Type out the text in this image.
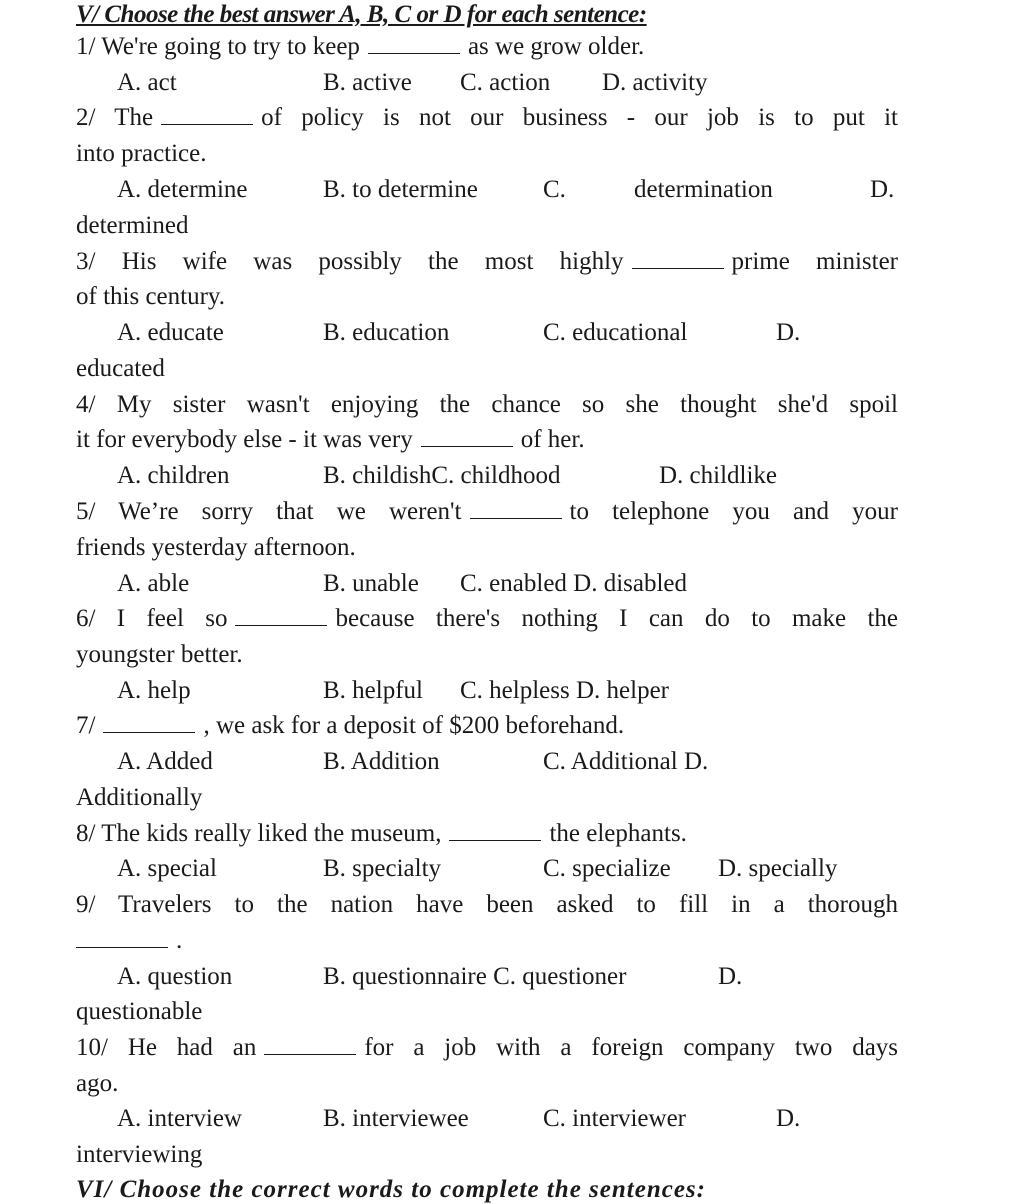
V/ Choose the best answer A, B, C or D for each sentence:
1/ We're going to try to keep	as we grow older.
A. act	B. active C. action D. activity
2/ The	of policy is not our business - our job is to put it
into practice.
A. determine	B. to determine	C.	determination	D.
determined
3/ His wife was possibly the most highly	prime minister
of this century.
A. educate	B. education	C. educational	D.
educated
4/ My sister wasn't enjoying the chance so she thought she'd spoil
it for everybody else - it was very	of her.
A. children	B. childishC. childhood	D. childlike
5/ We’re sorry that we weren't	to telephone you and your
friends yesterday afternoon.
A. able	B. unable C. enabled D. disabled
6/ I feel so	because there's nothing I can do to make the
youngster better.
A. help	B. helpful C. helpless D. helper
7/	, we ask for a deposit of $200 beforehand.
A. Added	B. Addition	C. Additional D.
Additionally
8/ The kids really liked the museum,	the elephants.
A. special	B. specialty	C. specialize D. specially
9/ Travelers to the nation have been asked to fill in a thorough
.
A. question	B. questionnaire C. questioner	D.
questionable
10/ He had an	for a job with a foreign company two days
ago.
A. interview	B. interviewee	C. interviewer	D.
interviewing
VI/ Choose the correct words to complete the sentences:
